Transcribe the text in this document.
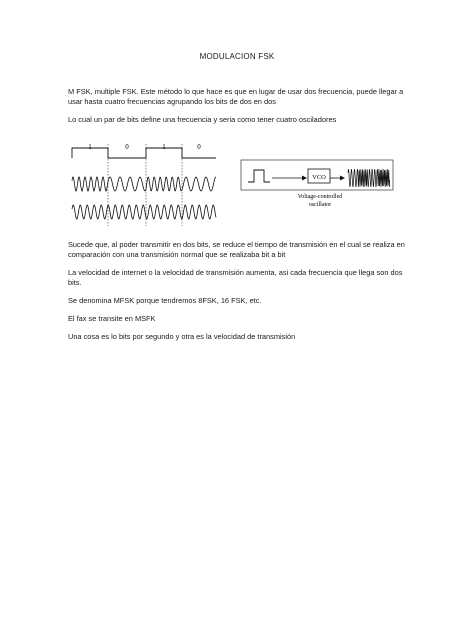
MODULACION FSK

M FSK, multiple FSK. Este método lo que hace es que en lugar de usar dos frecuencia, puede llegar a usar hasta cuatro frecuencias agrupando los bits de dos en dos

Lo cual un par de bits define una frecuencia y seria como tener cuatro osciladores

1	0	1	0
VCO
Voltage-controlled
oscillator

Sucede que, al poder transmitir en dos bits, se reduce el tiempo de transmisión en el cual se realiza en comparación con una transmisión normal que se realizaba bit a bit

La velocidad de internet o la velocidad de transmisión aumenta, asi cada frecuencia que llega son dos bits.

Se denomina MFSK porque tendremos 8FSK, 16 FSK, etc.

El fax se transite en MSFK

Una cosa es lo bits por segundo y otra es la velocidad de transmisión
